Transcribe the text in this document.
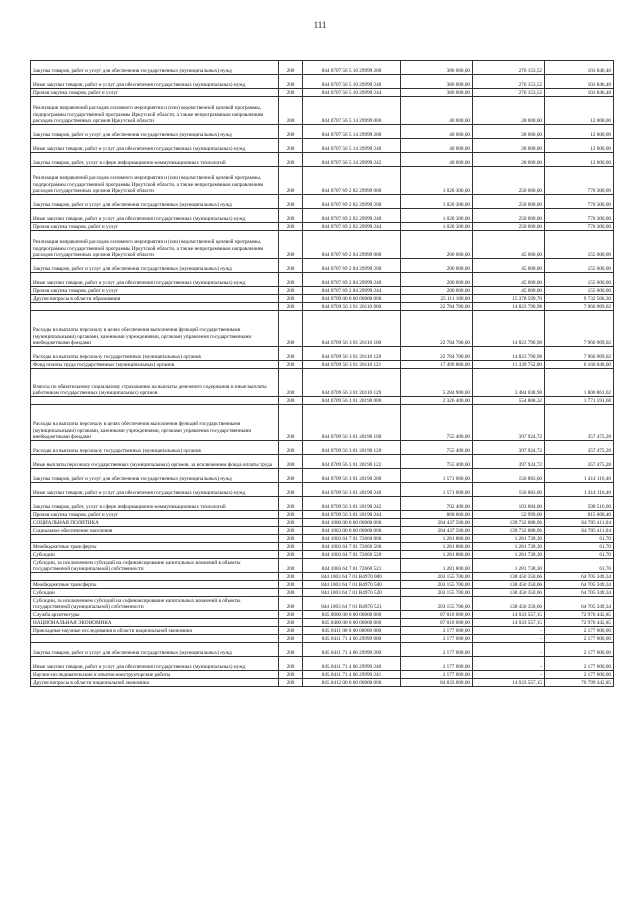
111
Закупка товаров, работ и услуг для обеспечения государственных (муниципальных) нужд	200	844 0707 56 5 10 29999 200	380 000,00	276 153,52	103 846,48
Иные закупки товаров, работ и услуг для обеспечения государственных (муниципальных) нужд	200	844 0707 56 5 10 29999 240	380 000,00	276 153,52	103 846,48
Прочая закупка товаров, работ и услуг	200	844 0707 56 5 10 29999 244	380 000,00	276 153,52	103 846,48
Реализация направлений расходов основного мероприятия и (или) ведомственной целевой программы, подпрограммы государственной программы Иркутской области, а также непрограммным направлениям расходов государственных органов Иркутской области	200	844 0707 56 5 14 29999 000	40 000,00	28 000,00	12 000,00
Закупка товаров, работ и услуг для обеспечения государственных (муниципальных) нужд	200	844 0707 56 5 14 29999 200	40 000,00	28 000,00	12 000,00
Иные закупки товаров, работ и услуг для обеспечения государственных (муниципальных) нужд	200	844 0707 56 5 14 29999 240	40 000,00	28 000,00	12 000,00
Закупка товаров, работ, услуг в сфере информационно-коммуникационных технологий	200	844 0707 56 5 14 29999 242	40 000,00	28 000,00	12 000,00
Реализация направлений расходов основного мероприятия и (или) ведомственной целевой программы, подпрограммы государственной программы Иркутской области, а также непрограммным направлениям расходов государственных органов Иркутской области	200	844 0707 69 2 02 29999 000	1 020 300,00	250 000,00	770 300,00
Закупка товаров, работ и услуг для обеспечения государственных (муниципальных) нужд	200	844 0707 69 2 02 29999 200	1 020 300,00	250 000,00	770 300,00
Иные закупки товаров, работ и услуг для обеспечения государственных (муниципальных) нужд	200	844 0707 69 2 02 29999 240	1 020 300,00	250 000,00	770 300,00
Прочая закупка товаров, работ и услуг	200	844 0707 69 2 02 29999 244	1 020 300,00	250 000,00	770 300,00
Реализация направлений расходов основного мероприятия и (или) ведомственной целевой программы, подпрограммы государственной программы Иркутской области, а также непрограммным направлениям расходов государственных органов Иркутской области	200	844 0707 69 2 04 29999 000	200 000,00	45 000,00	155 000,00
Закупка товаров, работ и услуг для обеспечения государственных (муниципальных) нужд	200	844 0707 69 2 04 29999 200	200 000,00	45 000,00	155 000,00
Иные закупки товаров, работ и услуг для обеспечения государственных (муниципальных) нужд	200	844 0707 69 2 04 29999 240	200 000,00	45 000,00	155 000,00
Прочая закупка товаров, работ и услуг	200	844 0707 69 2 04 29999 244	200 000,00	45 000,00	155 000,00
Другие вопросы в области образования	200	844 0709 00 0 00 00000 000	25 111 100,00	15 378 599,70	9 732 500,30
	200	844 0709 56 3 01 20110 000	22 784 700,00	14 823 790,98	7 960 909,02
Расходы на выплаты персоналу в целях обеспечения выполнения функций государственными (муниципальными) органами, казенными учреждениями, органами управления государственными внебюджетными фондами	200	844 0709 56 3 01 20110 100	22 784 700,00	14 823 790,98	7 960 909,02
Расходы на выплаты персоналу государственных (муниципальных) органов	200	844 0709 56 3 01 20110 120	22 784 700,00	14 823 790,98	7 960 909,02
Фонд оплаты труда государственных (муниципальных) органов	200	844 0709 56 3 01 20110 121	17 499 800,00	11 339 752,00	6 160 048,00
Взносы по обязательному социальному страхованию на выплаты денежного содержания и иные выплаты работникам государственных (муниципальных) органов	200	844 0709 56 3 01 20110 129	5 284 900,00	3 484 038,98	1 800 861,02
	200	844 0709 56 3 01 20190 000	2 326 400,00	554 808,32	1 771 591,68
Расходы на выплаты персоналу в целях обеспечения выполнения функций государственными (муниципальными) органами, казенными учреждениями, органами управления государственными внебюджетными фондами	200	844 0709 56 3 01 20190 100	755 400,00	397 924,72	357 475,28
Расходы на выплаты персоналу государственных (муниципальных) органов	200	844 0709 56 3 01 20190 120	755 400,00	397 924,72	357 475,28
Иные выплаты персоналу государственных (муниципальных) органов, за исключением фонда оплаты труда	200	844 0709 56 3 01 20190 122	755 400,00	397 924,72	357 475,28
Закупка товаров, работ и услуг для обеспечения государственных (муниципальных) нужд	200	844 0709 56 3 01 20190 200	1 571 000,00	156 883,60	1 414 116,40
Иные закупки товаров, работ и услуг для обеспечения государственных (муниципальных) нужд	200	844 0709 56 3 01 20190 240	1 571 000,00	156 883,60	1 414 116,40
Закупка товаров, работ, услуг в сфере информационно-коммуникационных технологий	200	844 0709 56 3 01 20190 242	702 400,00	103 884,00	598 516,00
Прочая закупка товаров, работ и услуг	200	844 0709 56 3 01 20190 244	868 600,00	52 999,60	815 600,40
СОЦИАЛЬНАЯ ПОЛИТИКА	200	844 1000 00 0 00 00000 000	204 437 500,00	139 732 088,96	64 705 411,04
Социальное обеспечение населения	200	844 1003 00 0 00 00000 000	204 437 500,00	139 732 088,96	64 705 411,04
	200	844 1003 64 7 01 72660 000	1 281 800,00	1 281 738,30	61,70
Межбюджетные трансферты	200	844 1003 64 7 01 72660 500	1 281 800,00	1 281 738,30	61,70
Субсидии	200	844 1003 64 7 01 72660 520	1 281 800,00	1 281 738,30	61,70
Субсидии, за исключением субсидий на софинансирование капитальных вложений в объекты государственной (муниципальной) собственности	200	844 1003 64 7 01 72660 521	1 281 800,00	1 281 738,30	61,70
	200	844 1003 64 7 01 R4970 000	203 155 700,00	138 450 350,66	64 705 349,34
Межбюджетные трансферты	200	844 1003 64 7 01 R4970 500	203 155 700,00	138 450 350,66	64 705 349,34
Субсидии	200	844 1003 64 7 01 R4970 520	203 155 700,00	138 450 350,66	64 705 349,34
Субсидии, за исключением субсидий на софинансирование капитальных вложений в объекты государственной (муниципальной) собственности	200	844 1003 64 7 01 R4970 521	203 155 700,00	138 450 350,66	64 705 349,34
Служба архитектуры	200	845 0000 00 0 00 00000 000	87 010 000,00	14 033 557,15	72 976 442,85
НАЦИОНАЛЬНАЯ ЭКОНОМИКА	200	845 0400 00 0 00 00000 000	87 010 000,00	14 033 557,15	72 976 442,85
Прикладные научные исследования в области национальной экономики	200	845 0411 00 0 00 00000 000	2 177 000,00	-	2 177 000,00
	200	845 0411 71 4 06 29999 000	2 177 000,00	-	2 177 000,00
Закупка товаров, работ и услуг для обеспечения государственных (муниципальных) нужд	200	845 0411 71 4 06 29999 200	2 177 000,00	-	2 177 000,00
Иные закупки товаров, работ и услуг для обеспечения государственных (муниципальных) нужд	200	845 0411 71 4 06 29999 240	2 177 000,00	-	2 177 000,00
Научно-исследовательские и опытно-конструкторские работы	200	845 0411 71 4 06 29999 241	2 177 000,00	-	2 177 000,00
Другие вопросы в области национальной экономики	200	845 0412 00 0 00 00000 000	84 833 000,00	14 033 557,15	70 799 442,85
